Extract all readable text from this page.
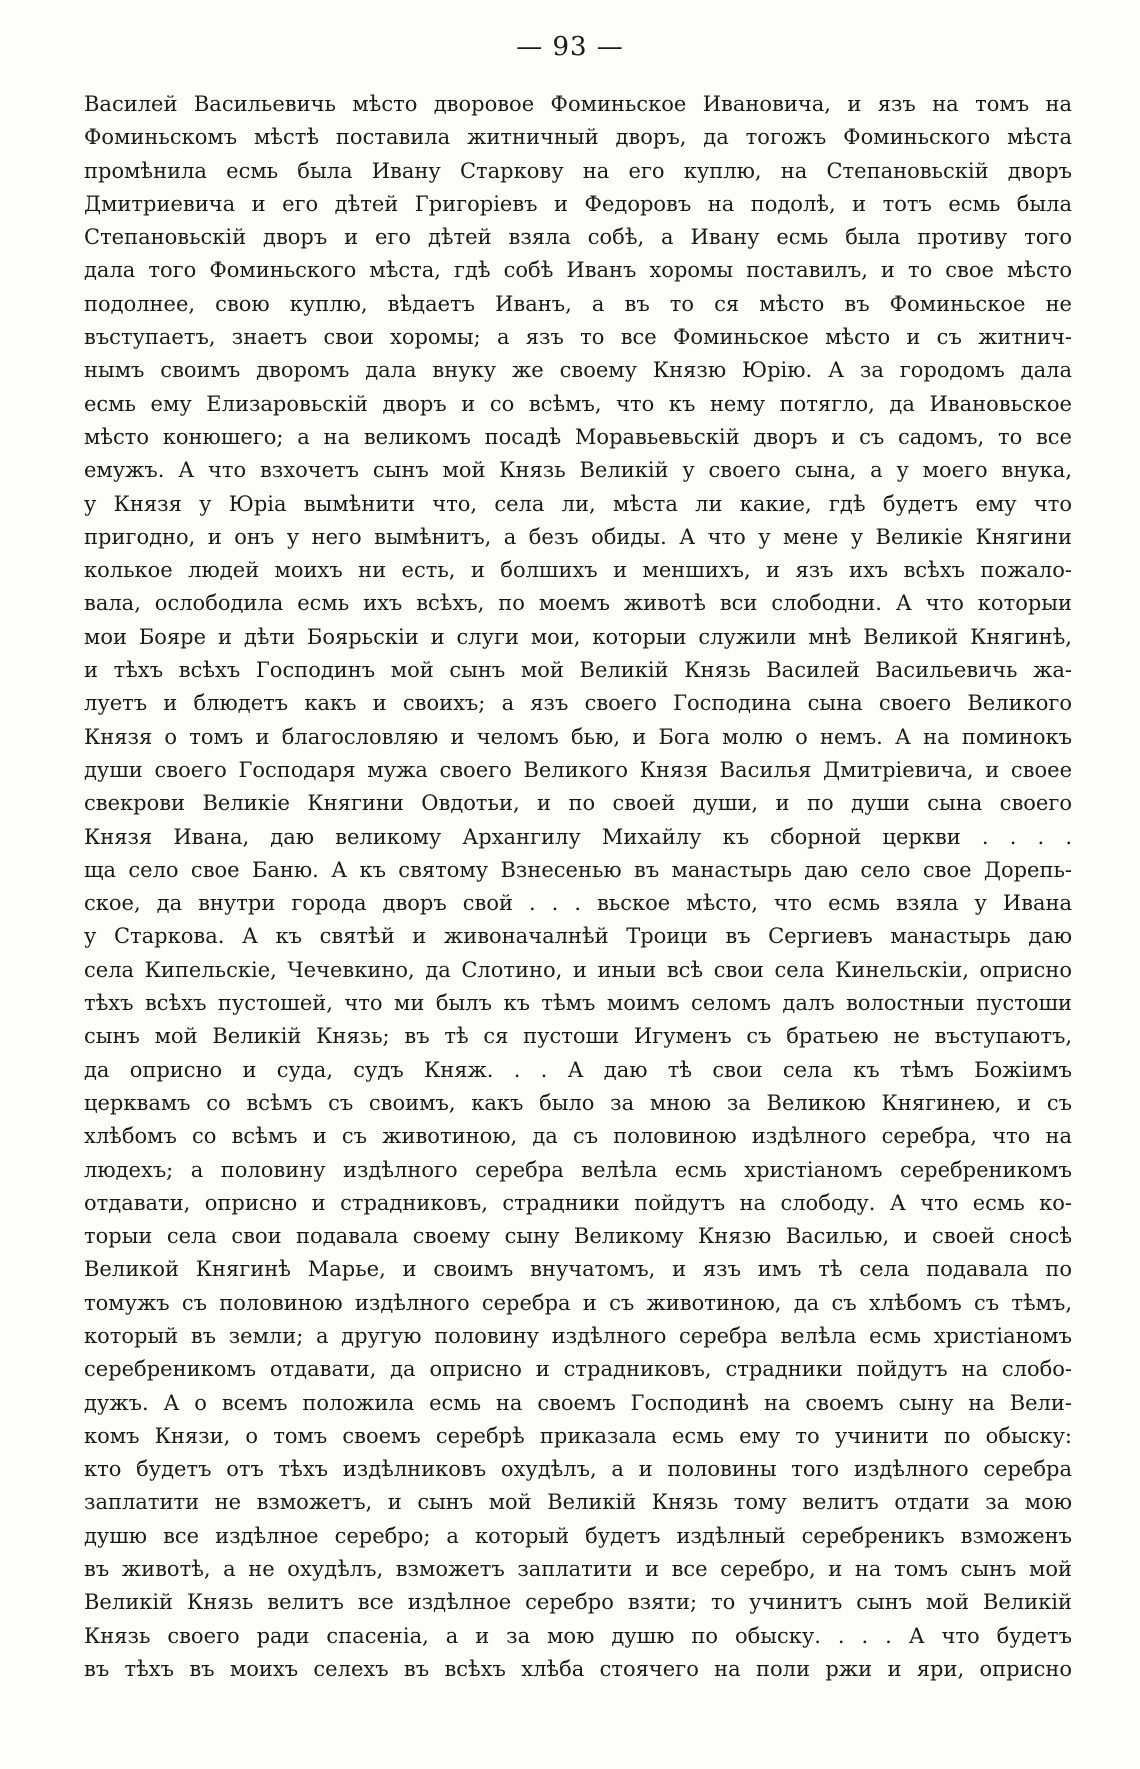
— 93 —
Василей Васильевичь мѣсто дворовое Фоминьское Ивановича, и язъ на томъ на
Фоминьскомъ мѣстѣ поставила житничный дворъ, да тогожъ Фоминьского мѣста
промѣнила есмь была Ивану Старкову на его куплю, на Степановьскій дворъ
Дмитриевича и его дѣтей Григоріевъ и Федоровъ на подолѣ, и тотъ есмь была
Степановьскій дворъ и его дѣтей взяла собѣ, а Ивану есмь была противу того
дала того Фоминьского мѣста, гдѣ собѣ Иванъ хоромы поставилъ, и то свое мѣсто
подолнее, свою куплю, вѣдаетъ Иванъ, а въ то ся мѣсто въ Фоминьское не
въступаетъ, знаетъ свои хоромы; а язъ то все Фоминьское мѣсто и съ житнич-
нымъ своимъ дворомъ дала внуку же своему Князю Юрію. А за городомъ дала
есмь ему Елизаровьскій дворъ и со всѣмъ, что къ нему потягло, да Ивановьское
мѣсто конюшего; а на великомъ посадѣ Моравьевьскій дворъ и съ садомъ, то все
емужъ. А что взхочетъ сынъ мой Князь Великій у своего сына, а у моего внука,
у Князя у Юріа вымѣнити что, села ли, мѣста ли какие, гдѣ будетъ ему что
пригодно, и онъ у него вымѣнитъ, а безъ обиды. А что у мене у Великіе Княгини
колькое людей моихъ ни есть, и болшихъ и меншихъ, и язъ ихъ всѣхъ пожало-
вала, ослободила есмь ихъ всѣхъ, по моемъ животѣ вси слободни. А что которыи
мои Бояре и дѣти Боярьскіи и слуги мои, которыи служили мнѣ Великой Княгинѣ,
и тѣхъ всѣхъ Господинъ мой сынъ мой Великій Князь Василей Васильевичь жа-
луетъ и блюдетъ какъ и своихъ; а язъ своего Господина сына своего Великого
Князя о томъ и благословляю и челомъ бью, и Бога молю о немъ. А на поминокъ
души своего Господаря мужа своего Великого Князя Василья Дмитріевича, и своее
свекрови Великіе Княгини Овдотьи, и по своей души, и по души сына своего
Князя Ивана, даю великому Архангилу Михайлу къ сборной церкви . . . .
ща село свое Баню. А къ святому Взнесенью въ манастырь даю село свое Дорепь-
ское, да внутри города дворъ свой . . . вьское мѣсто, что есмь взяла у Ивана
у Старкова. А къ святѣй и живоначалнѣй Троици въ Сергиевъ манастырь даю
села Кипельскіе, Чечевкино, да Слотино, и иныи всѣ свои села Кинельскіи, оприсно
тѣхъ всѣхъ пустошей, что ми былъ къ тѣмъ моимъ селомъ далъ волостныи пустоши
сынъ мой Великій Князь; въ тѣ ся пустоши Игуменъ съ братьею не въступаютъ,
да оприсно и суда, судъ Княж. . . А даю тѣ свои села къ тѣмъ Божіимъ
церквамъ со всѣмъ съ своимъ, какъ было за мною за Великою Княгинею, и съ
хлѣбомъ со всѣмъ и съ животиною, да съ половиною издѣлного серебра, что на
людехъ; а половину издѣлного серебра велѣла есмь христіаномъ серебреникомъ
отдавати, оприсно и страдниковъ, страдники пойдутъ на слободу. А что есмь ко-
торыи села свои подавала своему сыну Великому Князю Василью, и своей сносѣ
Великой Княгинѣ Марье, и своимъ внучатомъ, и язъ имъ тѣ села подавала по
томужъ съ половиною издѣлного серебра и съ животиною, да съ хлѣбомъ съ тѣмъ,
который въ земли; а другую половину издѣлного серебра велѣла есмь христіаномъ
серебреникомъ отдавати, да оприсно и страдниковъ, страдники пойдутъ на слобо-
дужъ. А о всемъ положила есмь на своемъ Господинѣ на своемъ сыну на Вели-
комъ Князи, о томъ своемъ серебрѣ приказала есмь ему то учинити по обыску:
кто будетъ отъ тѣхъ издѣлниковъ охудѣлъ, а и половины того издѣлного серебра
заплатити не взможетъ, и сынъ мой Великій Князь тому велитъ отдати за мою
душю все издѣлное серебро; а который будетъ издѣлный серебреникъ взможенъ
въ животѣ, а не охудѣлъ, взможетъ заплатити и все серебро, и на томъ сынъ мой
Великій Князь велитъ все издѣлное серебро взяти; то учинитъ сынъ мой Великій
Князь своего ради спасеніа, а и за мою душю по обыску. . . . А что будетъ
въ тѣхъ въ моихъ селехъ въ всѣхъ хлѣба стоячего на поли ржи и яри, оприсно
